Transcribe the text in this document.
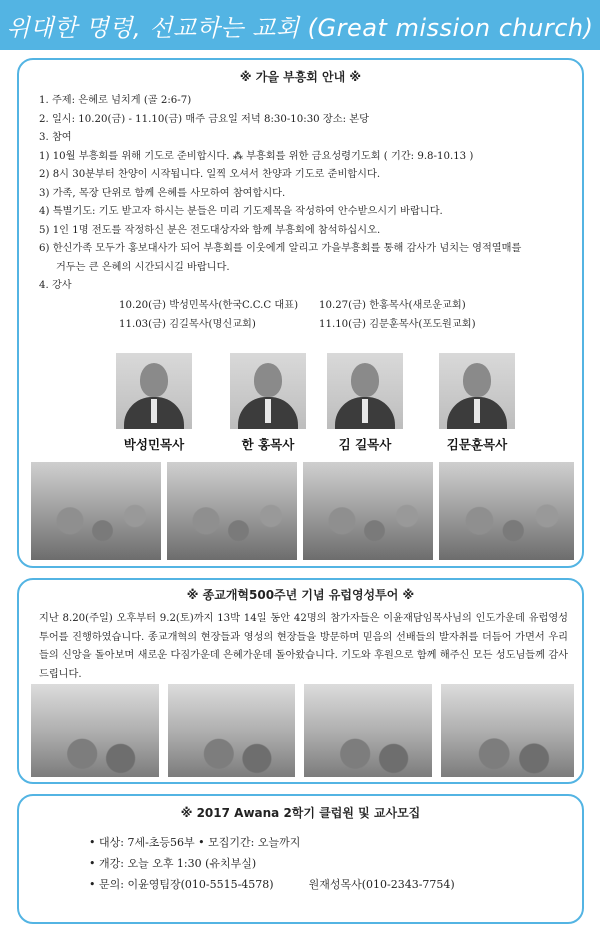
위대한 명령, 선교하는 교회 (Great mission church)
※ 가을 부흥회 안내 ※
1. 주제: 은혜로 넘치게 (골 2:6-7)
2. 일시: 10.20(금) - 11.10(금) 매주 금요일 저녁 8:30-10:30 장소: 본당
3. 참여
1) 10월 부흥회를 위해 기도로 준비합시다. ⁂ 부흥회를 위한 금요성령기도회 ( 기간: 9.8-10.13 )
2) 8시 30분부터 찬양이 시작됩니다. 일찍 오셔서 찬양과 기도로 준비합시다.
3) 가족, 목장 단위로 함께 은혜를 사모하여 참여합시다.
4) 특별기도: 기도 받고자 하시는 분들은 미리 기도제목을 작성하여 안수받으시기 바랍니다.
5) 1인 1명 전도를 작정하신 분은 전도대상자와 함께 부흥회에 참석하십시오.
6) 한신가족 모두가 홍보대사가 되어 부흥회를 이웃에게 알리고 가을부흥회를 통해 감사가 넘치는 영적열매를
거두는 큰 은혜의 시간되시길 바랍니다.
4. 강사
10.20(금) 박성민목사(한국C.C.C 대표)	10.27(금) 한홍목사(새로운교회)
11.03(금) 김길목사(명신교회)	11.10(금) 김문훈목사(포도원교회)
박성민목사	한 홍목사	김 길목사	김문훈목사
※ 종교개혁500주년 기념 유럽영성투어 ※
지난 8.20(주일) 오후부터 9.2(토)까지 13박 14일 동안 42명의 참가자들은 이윤재담임목사님의 인도가운데 유럽영성투어를 진행하였습니다. 종교개혁의 현장들과 영성의 현장들을 방문하며 믿음의 선배들의 발자취를 더듬어 가면서 우리들의 신앙을 돌아보며 새로운 다짐가운데 은혜가운데 돌아왔습니다. 기도와 후원으로 함께 해주신 모든 성도님들께 감사드립니다.
※ 2017 Awana 2학기 클럽원 및 교사모집
• 대상: 7세-초등56부 • 모집기간: 오늘까지
• 개강: 오늘 오후 1:30 (유치부실)
• 문의: 이윤영팀장(010-5515-4578)	원재성목사(010-2343-7754)
